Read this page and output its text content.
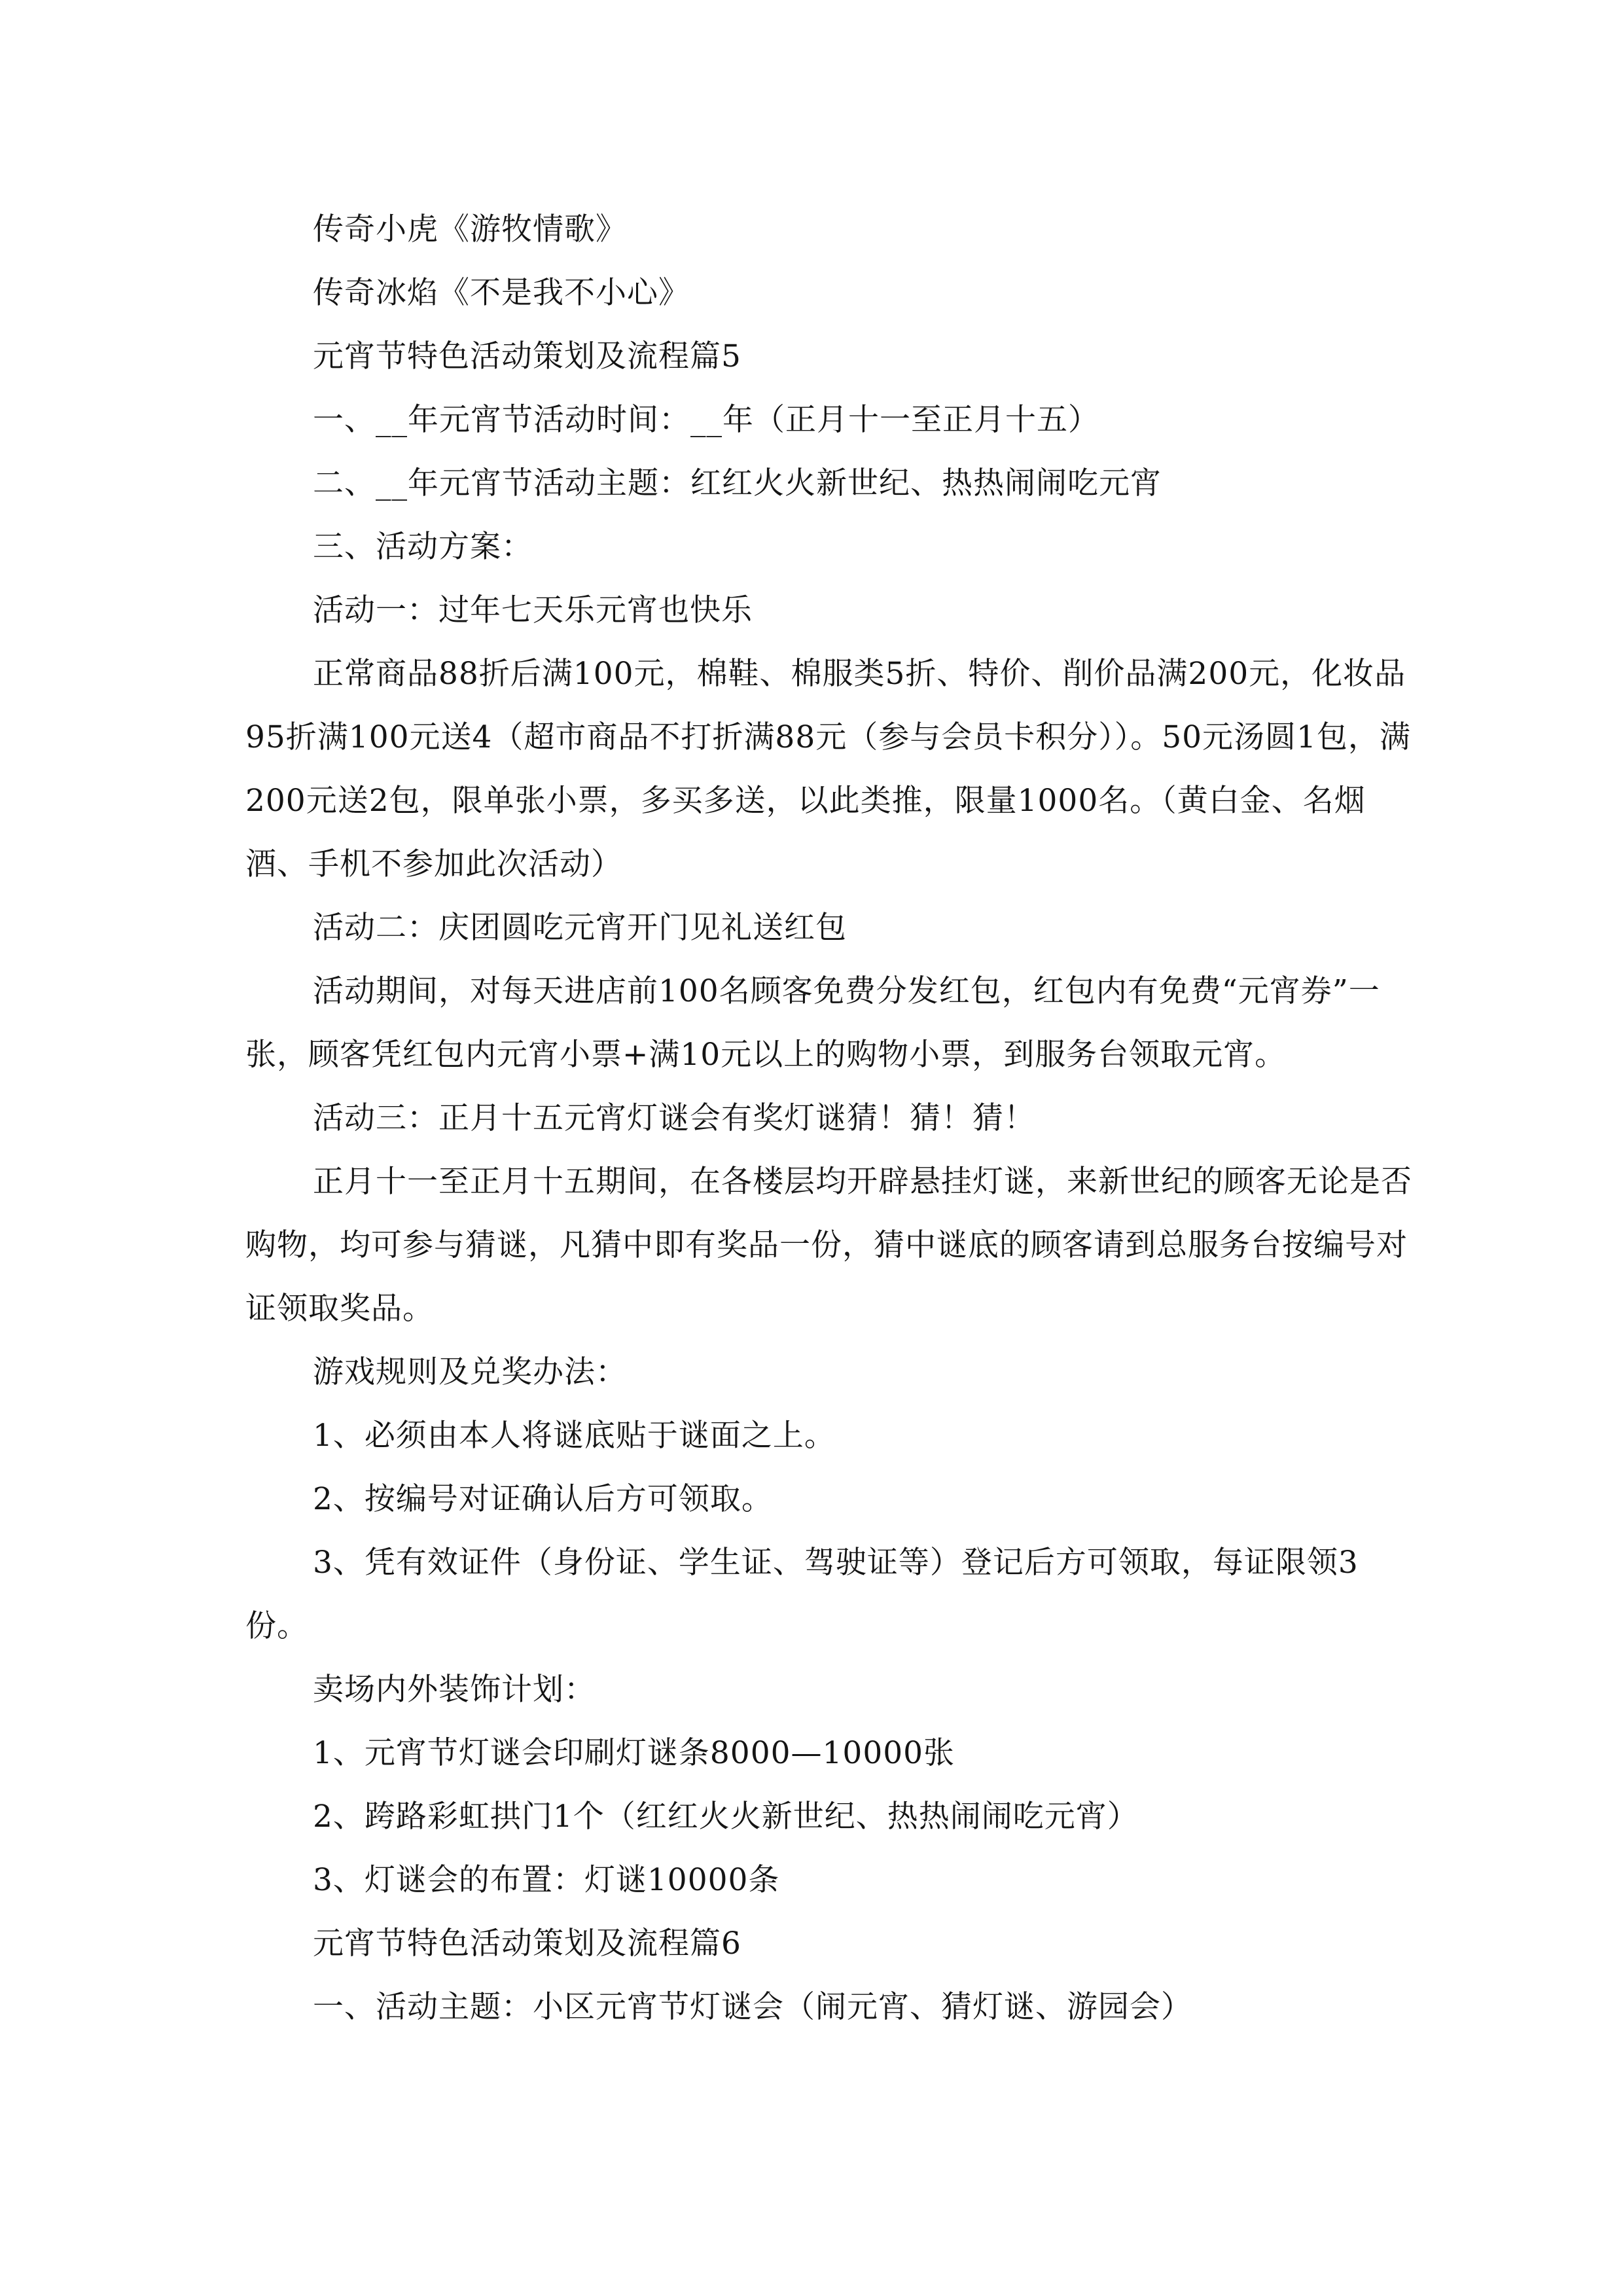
传奇小虎《游牧情歌》

传奇冰焰《不是我不小心》

元宵节特色活动策划及流程篇5

一、__年元宵节活动时间：__年（正月十一至正月十五）

二、__年元宵节活动主题：红红火火新世纪、热热闹闹吃元宵

三、活动方案：

活动一：过年七天乐元宵也快乐

正常商品88折后满100元，棉鞋、棉服类5折、特价、削价品满200元，化妆品95折满100元送4（超市商品不打折满88元（参与会员卡积分））。50元汤圆1包，满200元送2包，限单张小票，多买多送，以此类推，限量1000名。（黄白金、名烟酒、手机不参加此次活动）

活动二：庆团圆吃元宵开门见礼送红包

活动期间，对每天进店前100名顾客免费分发红包，红包内有免费“元宵券”一张，顾客凭红包内元宵小票+满10元以上的购物小票，到服务台领取元宵。

活动三：正月十五元宵灯谜会有奖灯谜猜！猜！猜！

正月十一至正月十五期间，在各楼层均开辟悬挂灯谜，来新世纪的顾客无论是否购物，均可参与猜谜，凡猜中即有奖品一份，猜中谜底的顾客请到总服务台按编号对证领取奖品。

游戏规则及兑奖办法：

1、必须由本人将谜底贴于谜面之上。

2、按编号对证确认后方可领取。

3、凭有效证件（身份证、学生证、驾驶证等）登记后方可领取，每证限领3份。

卖场内外装饰计划：

1、元宵节灯谜会印刷灯谜条8000—10000张

2、跨路彩虹拱门1个（红红火火新世纪、热热闹闹吃元宵）

3、灯谜会的布置：灯谜10000条

元宵节特色活动策划及流程篇6

一、活动主题：小区元宵节灯谜会（闹元宵、猜灯谜、游园会）
